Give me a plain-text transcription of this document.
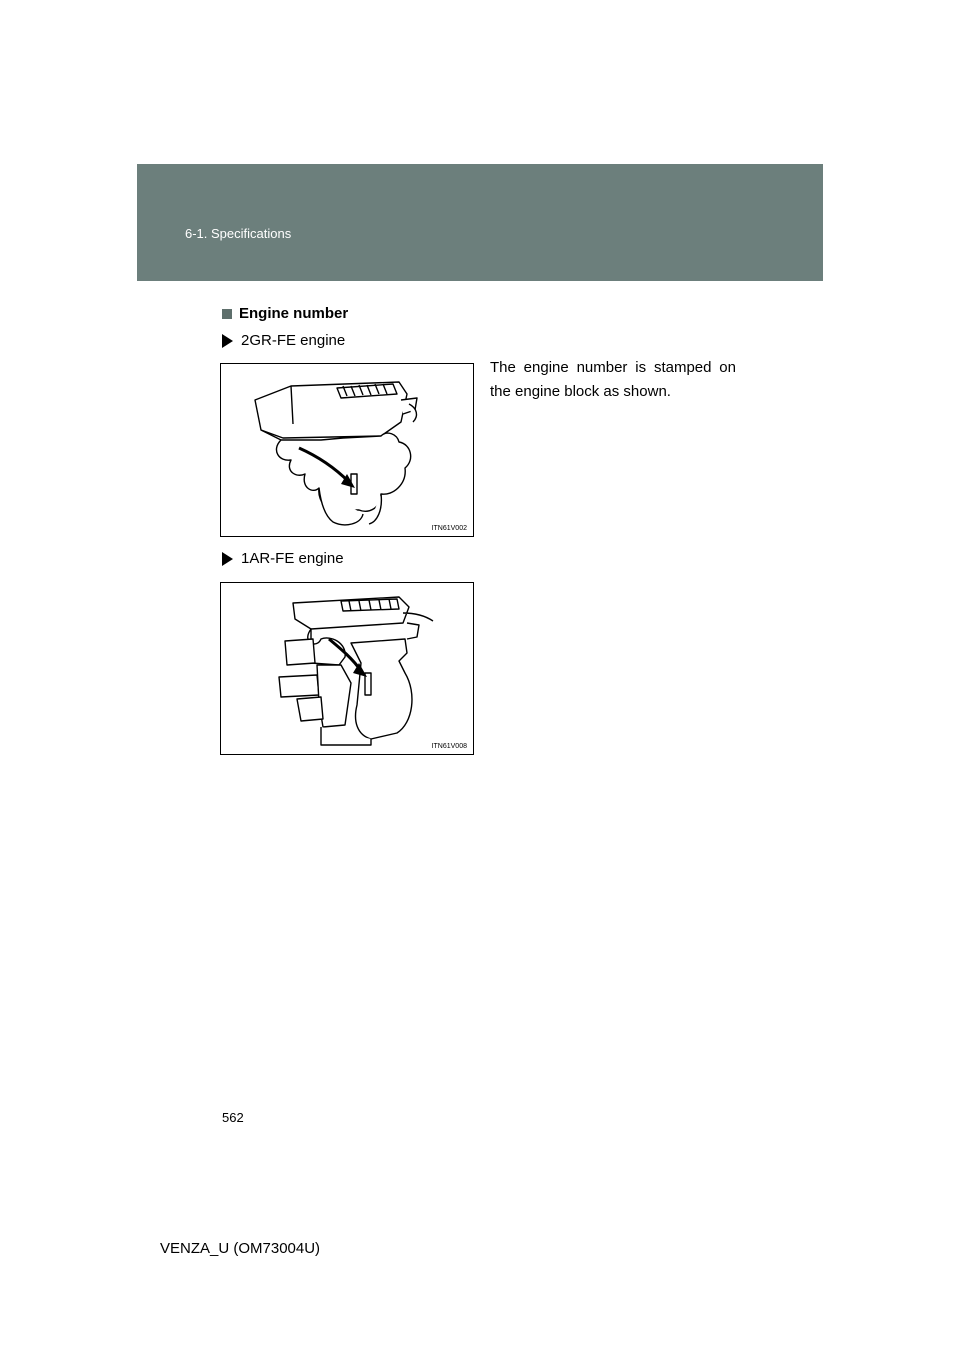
6-1. Specifications
Engine number
2GR-FE engine
ITN61V002
The engine number is stamped on the engine block as shown.
1AR-FE engine
ITN61V008
562
VENZA_U (OM73004U)
